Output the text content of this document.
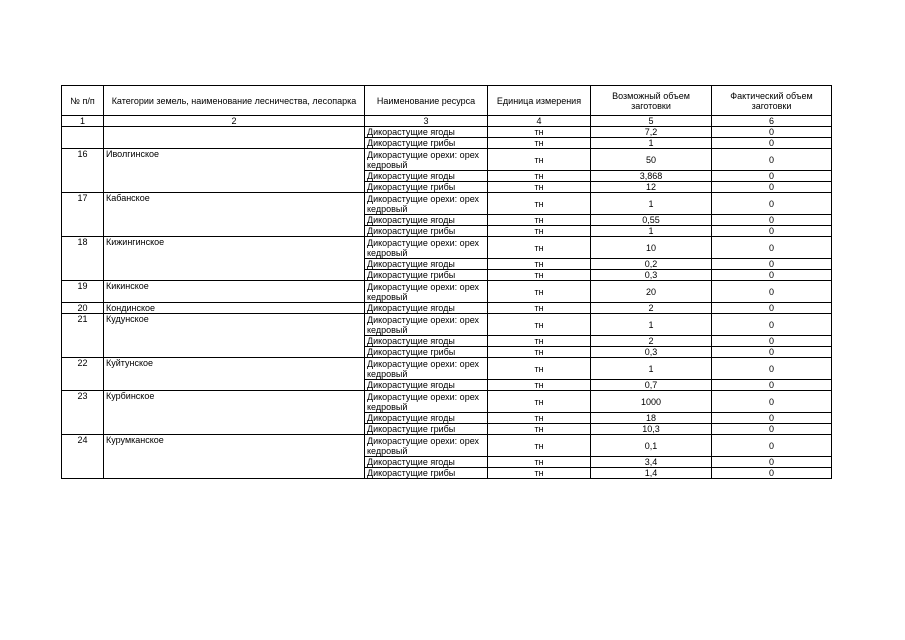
№ п/п	Категории земель, наименование лесничества, лесопарка	Наименование ресурса	Единица измерения	Возможный объем заготовки	Фактический объем заготовки
1	2	3	4	5	6
		Дикорастущие ягоды	тн	7,2	0
		Дикорастущие грибы	тн	1	0
16	Иволгинское	Дикорастущие орехи: орех кедровый	тн	50	0
		Дикорастущие ягоды	тн	3,868	0
		Дикорастущие грибы	тн	12	0
17	Кабанское	Дикорастущие орехи: орех кедровый	тн	1	0
		Дикорастущие ягоды	тн	0,55	0
		Дикорастущие грибы	тн	1	0
18	Кижингинское	Дикорастущие орехи: орех кедровый	тн	10	0
		Дикорастущие ягоды	тн	0,2	0
		Дикорастущие грибы	тн	0,3	0
19	Кикинское	Дикорастущие орехи: орех кедровый	тн	20	0
20	Кондинское	Дикорастущие ягоды	тн	2	0
21	Кудунское	Дикорастущие орехи: орех кедровый	тн	1	0
		Дикорастущие ягоды	тн	2	0
		Дикорастущие грибы	тн	0,3	0
22	Куйтунское	Дикорастущие орехи: орех кедровый	тн	1	0
		Дикорастущие ягоды	тн	0,7	0
23	Курбинское	Дикорастущие орехи: орех кедровый	тн	1000	0
		Дикорастущие ягоды	тн	18	0
		Дикорастущие грибы	тн	10,3	0
24	Курумканское	Дикорастущие орехи: орех кедровый	тн	0,1	0
		Дикорастущие ягоды	тн	3,4	0
		Дикорастущие грибы	тн	1,4	0
